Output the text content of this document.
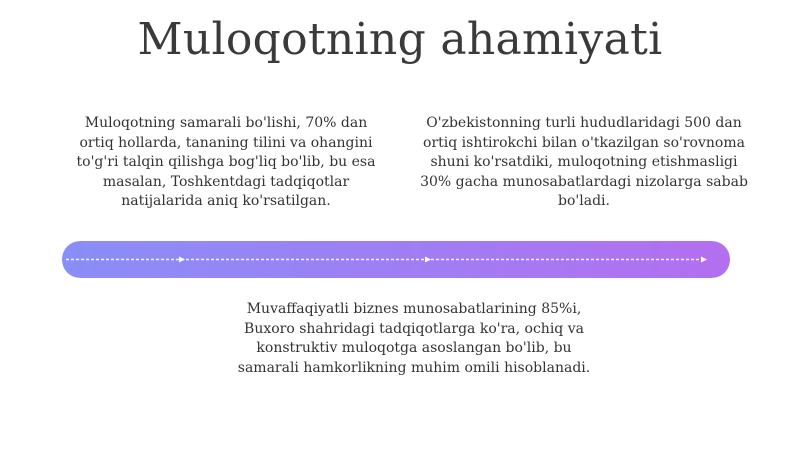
Muloqotning ahamiyati

Muloqotning samarali bo'lishi, 70% dan ortiq hollarda, tananing tilini va ohangini to'g'ri talqin qilishga bog'liq bo'lib, bu esa masalan, Toshkentdagi tadqiqotlar natijalarida aniq ko'rsatilgan.

O'zbekistonning turli hududlaridagi 500 dan ortiq ishtirokchi bilan o'tkazilgan so'rovnoma shuni ko'rsatdiki, muloqotning etishmasligi 30% gacha munosabatlardagi nizolarga sabab bo'ladi.

Muvaffaqiyatli biznes munosabatlarining 85%i, Buxoro shahridagi tadqiqotlarga ko'ra, ochiq va konstruktiv muloqotga asoslangan bo'lib, bu samarali hamkorlikning muhim omili hisoblanadi.
